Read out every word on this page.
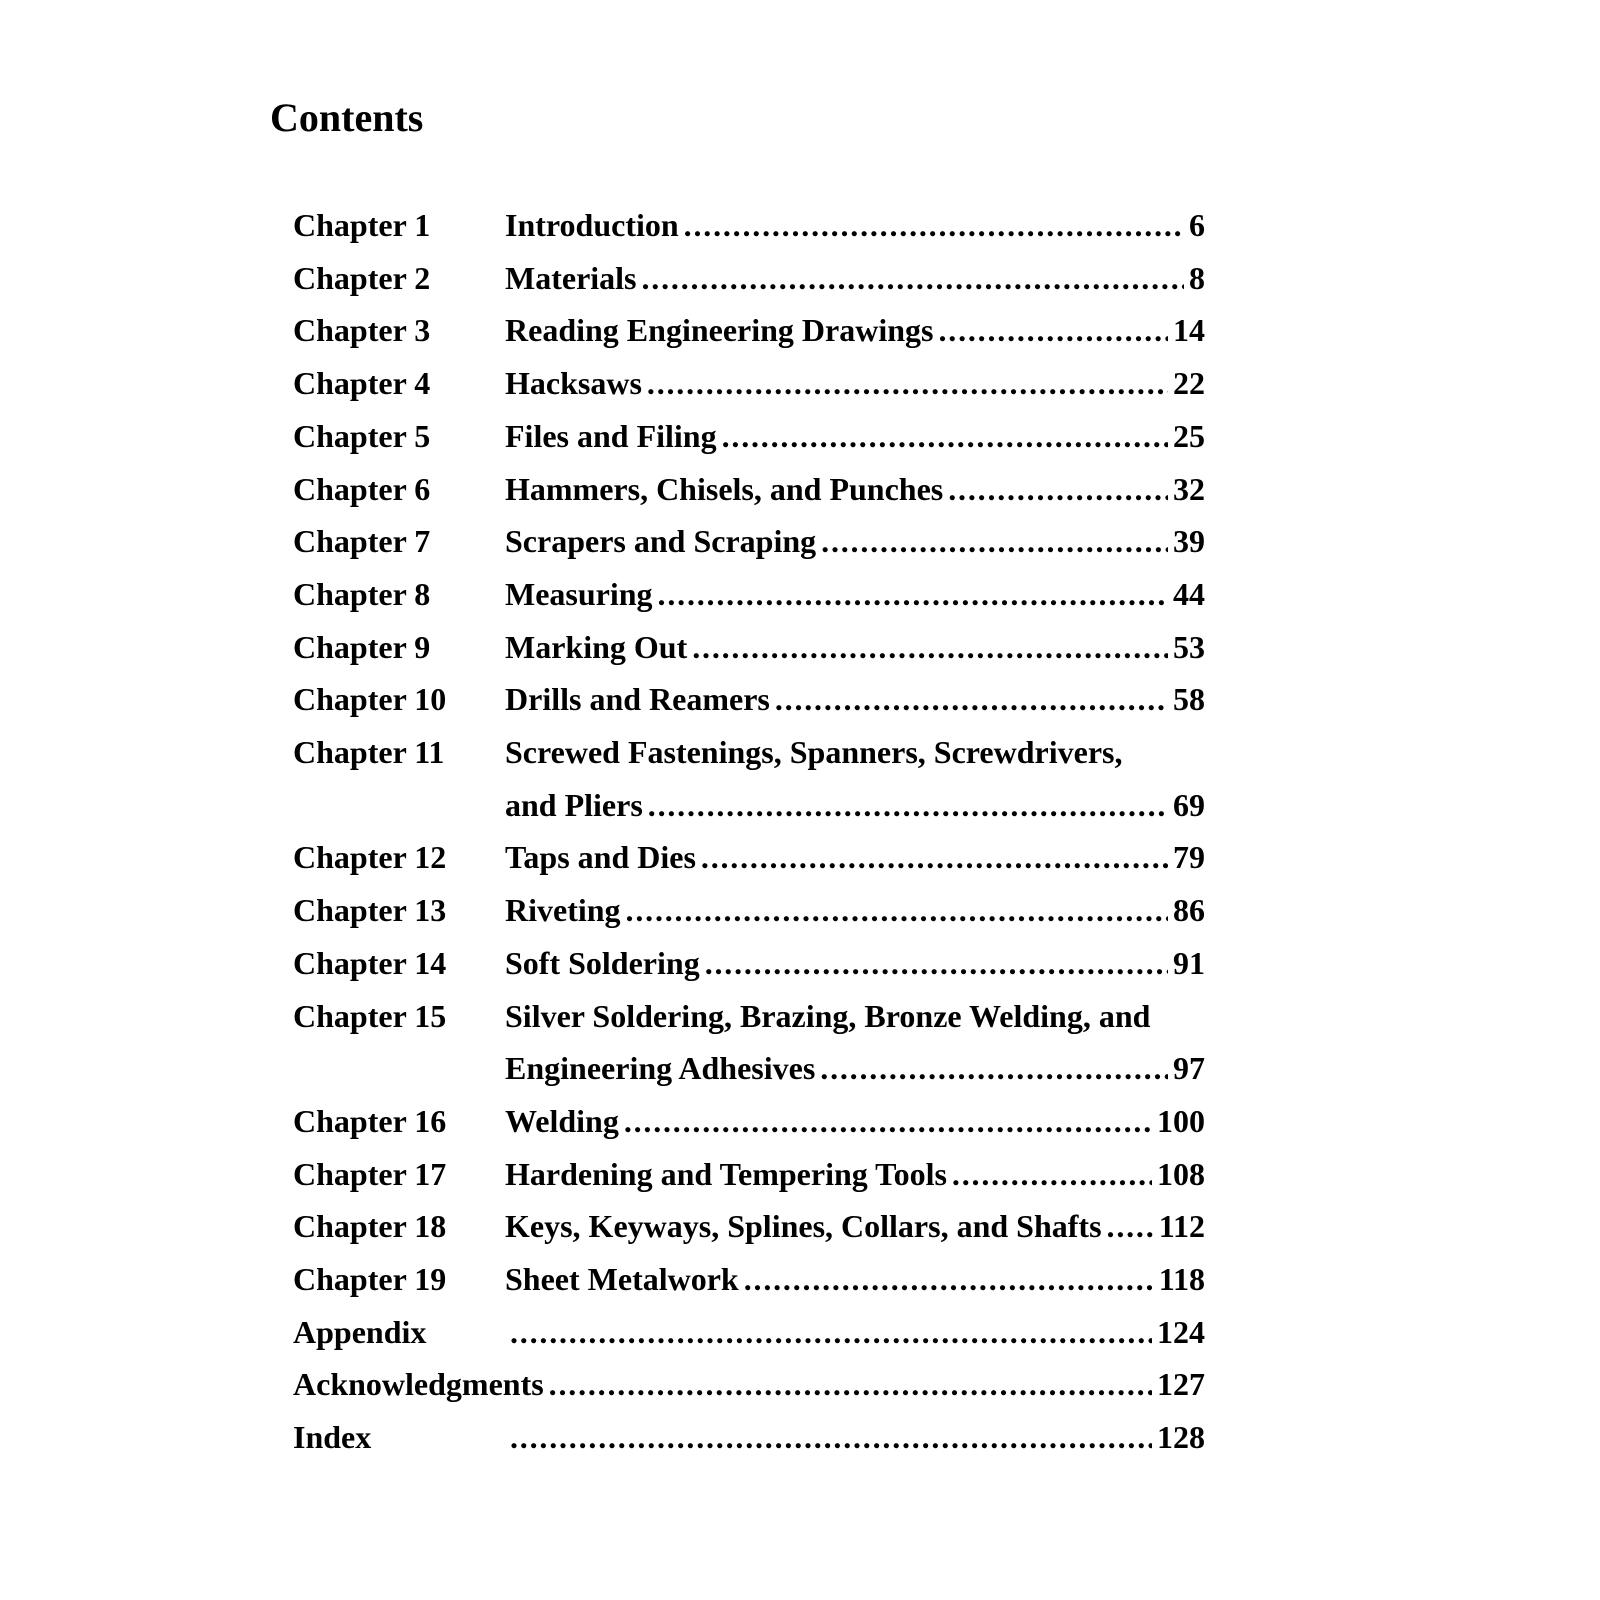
Contents
Chapter 1	Introduction .....	6
Chapter 2	Materials .....	8
Chapter 3	Reading Engineering Drawings .....	14
Chapter 4	Hacksaws .....	22
Chapter 5	Files and Filing .....	25
Chapter 6	Hammers, Chisels, and Punches .....	32
Chapter 7	Scrapers and Scraping .....	39
Chapter 8	Measuring .....	44
Chapter 9	Marking Out .....	53
Chapter 10	Drills and Reamers .....	58
Chapter 11	Screwed Fastenings, Spanners, Screwdrivers,
and Pliers .....	69
Chapter 12	Taps and Dies .....	79
Chapter 13	Riveting .....	86
Chapter 14	Soft Soldering .....	91
Chapter 15	Silver Soldering, Brazing, Bronze Welding, and
Engineering Adhesives .....	97
Chapter 16	Welding .....	100
Chapter 17	Hardening and Tempering Tools .....	108
Chapter 18	Keys, Keyways, Splines, Collars, and Shafts ..... 112
Chapter 19	Sheet Metalwork .....	118
Appendix .....	124
Acknowledgments .....	127
Index .....	128
